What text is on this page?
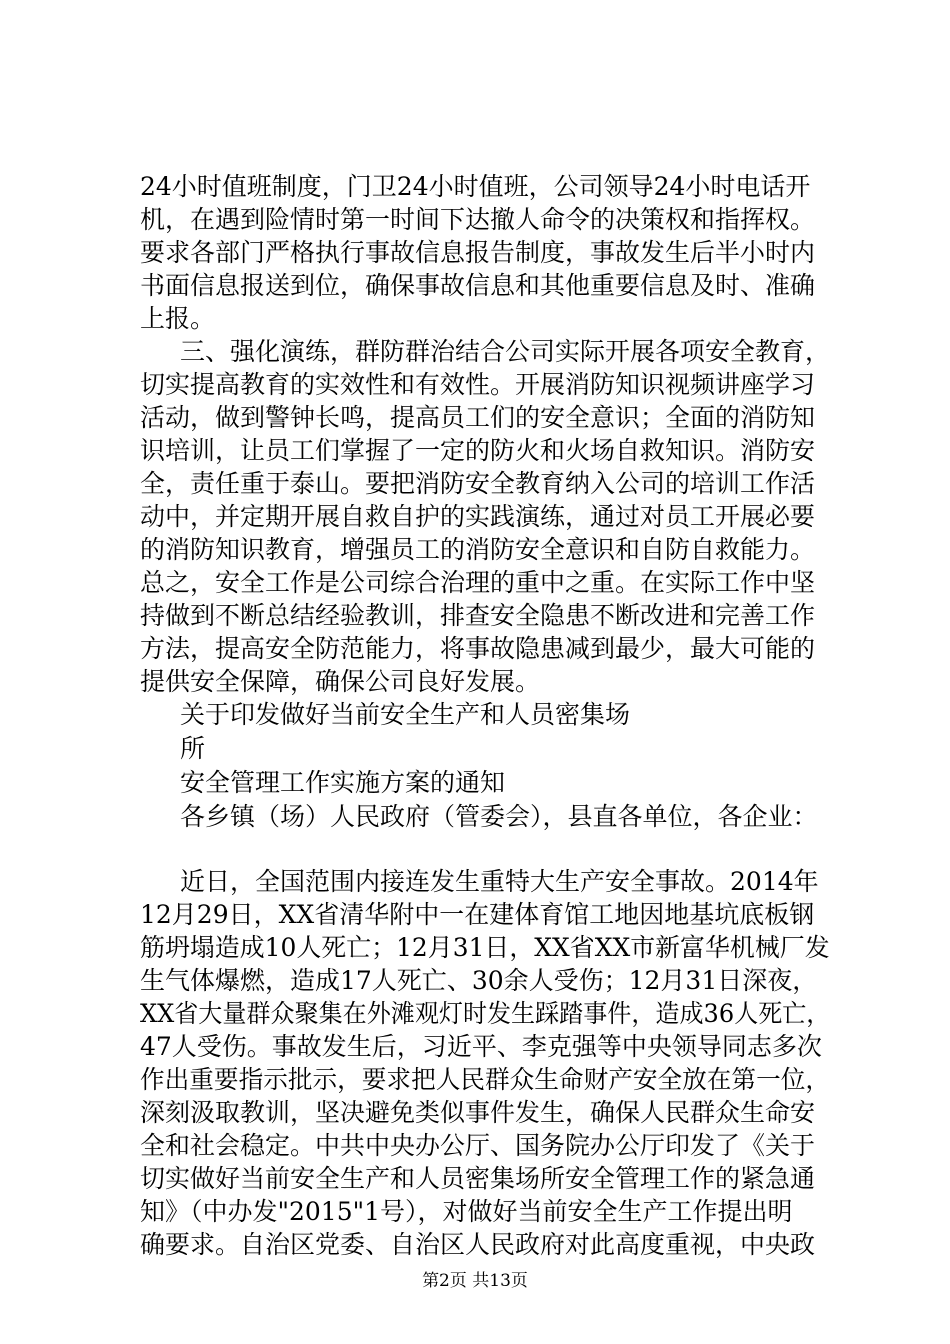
24小时值班制度，门卫24小时值班，公司领导24小时电话开
机，在遇到险情时第一时间下达撤人命令的决策权和指挥权。
要求各部门严格执行事故信息报告制度，事故发生后半小时内
书面信息报送到位，确保事故信息和其他重要信息及时、准确
上报。
三、强化演练，群防群治结合公司实际开展各项安全教育，
切实提高教育的实效性和有效性。开展消防知识视频讲座学习
活动，做到警钟长鸣，提高员工们的安全意识；全面的消防知
识培训，让员工们掌握了一定的防火和火场自救知识。消防安
全，责任重于泰山。要把消防安全教育纳入公司的培训工作活
动中，并定期开展自救自护的实践演练，通过对员工开展必要
的消防知识教育，增强员工的消防安全意识和自防自救能力。
总之，安全工作是公司综合治理的重中之重。在实际工作中坚
持做到不断总结经验教训，排查安全隐患不断改进和完善工作
方法，提高安全防范能力，将事故隐患减到最少，最大可能的
提供安全保障，确保公司良好发展。
关于印发做好当前安全生产和人员密集场
所
安全管理工作实施方案的通知
各乡镇（场）人民政府（管委会），县直各单位，各企业：
近日，全国范围内接连发生重特大生产安全事故。2014年
12月29日，XX省清华附中一在建体育馆工地因地基坑底板钢
筋坍塌造成10人死亡；12月31日，XX省XX市新富华机械厂发
生气体爆燃，造成17人死亡、30余人受伤；12月31日深夜，
XX省大量群众聚集在外滩观灯时发生踩踏事件，造成36人死亡，
47人受伤。事故发生后，习近平、李克强等中央领导同志多次
作出重要指示批示，要求把人民群众生命财产安全放在第一位，
深刻汲取教训，坚决避免类似事件发生，确保人民群众生命安
全和社会稳定。中共中央办公厅、国务院办公厅印发了《关于
切实做好当前安全生产和人员密集场所安全管理工作的紧急通
知》（中办发"2015"1号），对做好当前安全生产工作提出明
确要求。自治区党委、自治区人民政府对此高度重视，中央政
第2页 共13页
